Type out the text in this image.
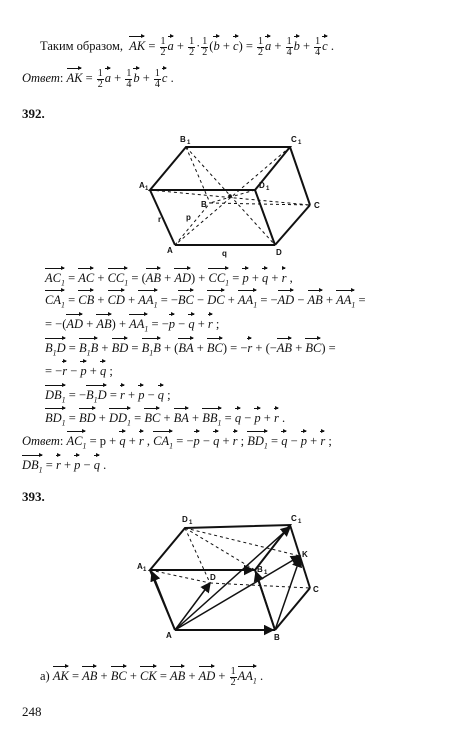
Таким образом, AK = $\frac{1}{2}$ $a + \frac{1}{2} \cdot \frac{1}{2} (b + c) = \frac{1}{2}$ $a + \frac{1}{4}$ $b + \frac{1}{4}$ c .
Ответ: AK = $\frac{1}{2}$ $a + \frac{1}{4}$ $b + \frac{1}{4}$ c .
392.
B 1	C 1
A 1	D 1
B	C
A	D
r	p
q
$AC_1$ = AC + $CC_1 = (AB + AD) + CC_1 = p + q + r$ ,
$CA_1$ = CB + CD + $AA_1 = -BC$ − DC + $AA_1 = -AD$ − AB + $AA_1$ =
= $-(AD + AB) + AA_1 = -p - q + r$ ;
$B_1D = B_1B$ + BD = $B_1B + (BA + BC) = -r + (-AB + BC)$ =
= −r − p + q ;
$DB_1 = -B_1D = r + p - q$ ;
$BD_1$ = BD + $DD_1$ = BC + BA + $BB_1 = q - p + r$ .
Ответ: $AC_1 = p + q + r$ , $CA_1 = -p - q + r$ ; $BD_1 = q - p + r$ ;
$DB_1 = r + p - q$ .
393.
D 1	C 1
A 1	B 1
K
D
C
A	B
а) AK = AB + BC + CK = AB + AD + $\frac{1}{2} AA_1$ .
248
